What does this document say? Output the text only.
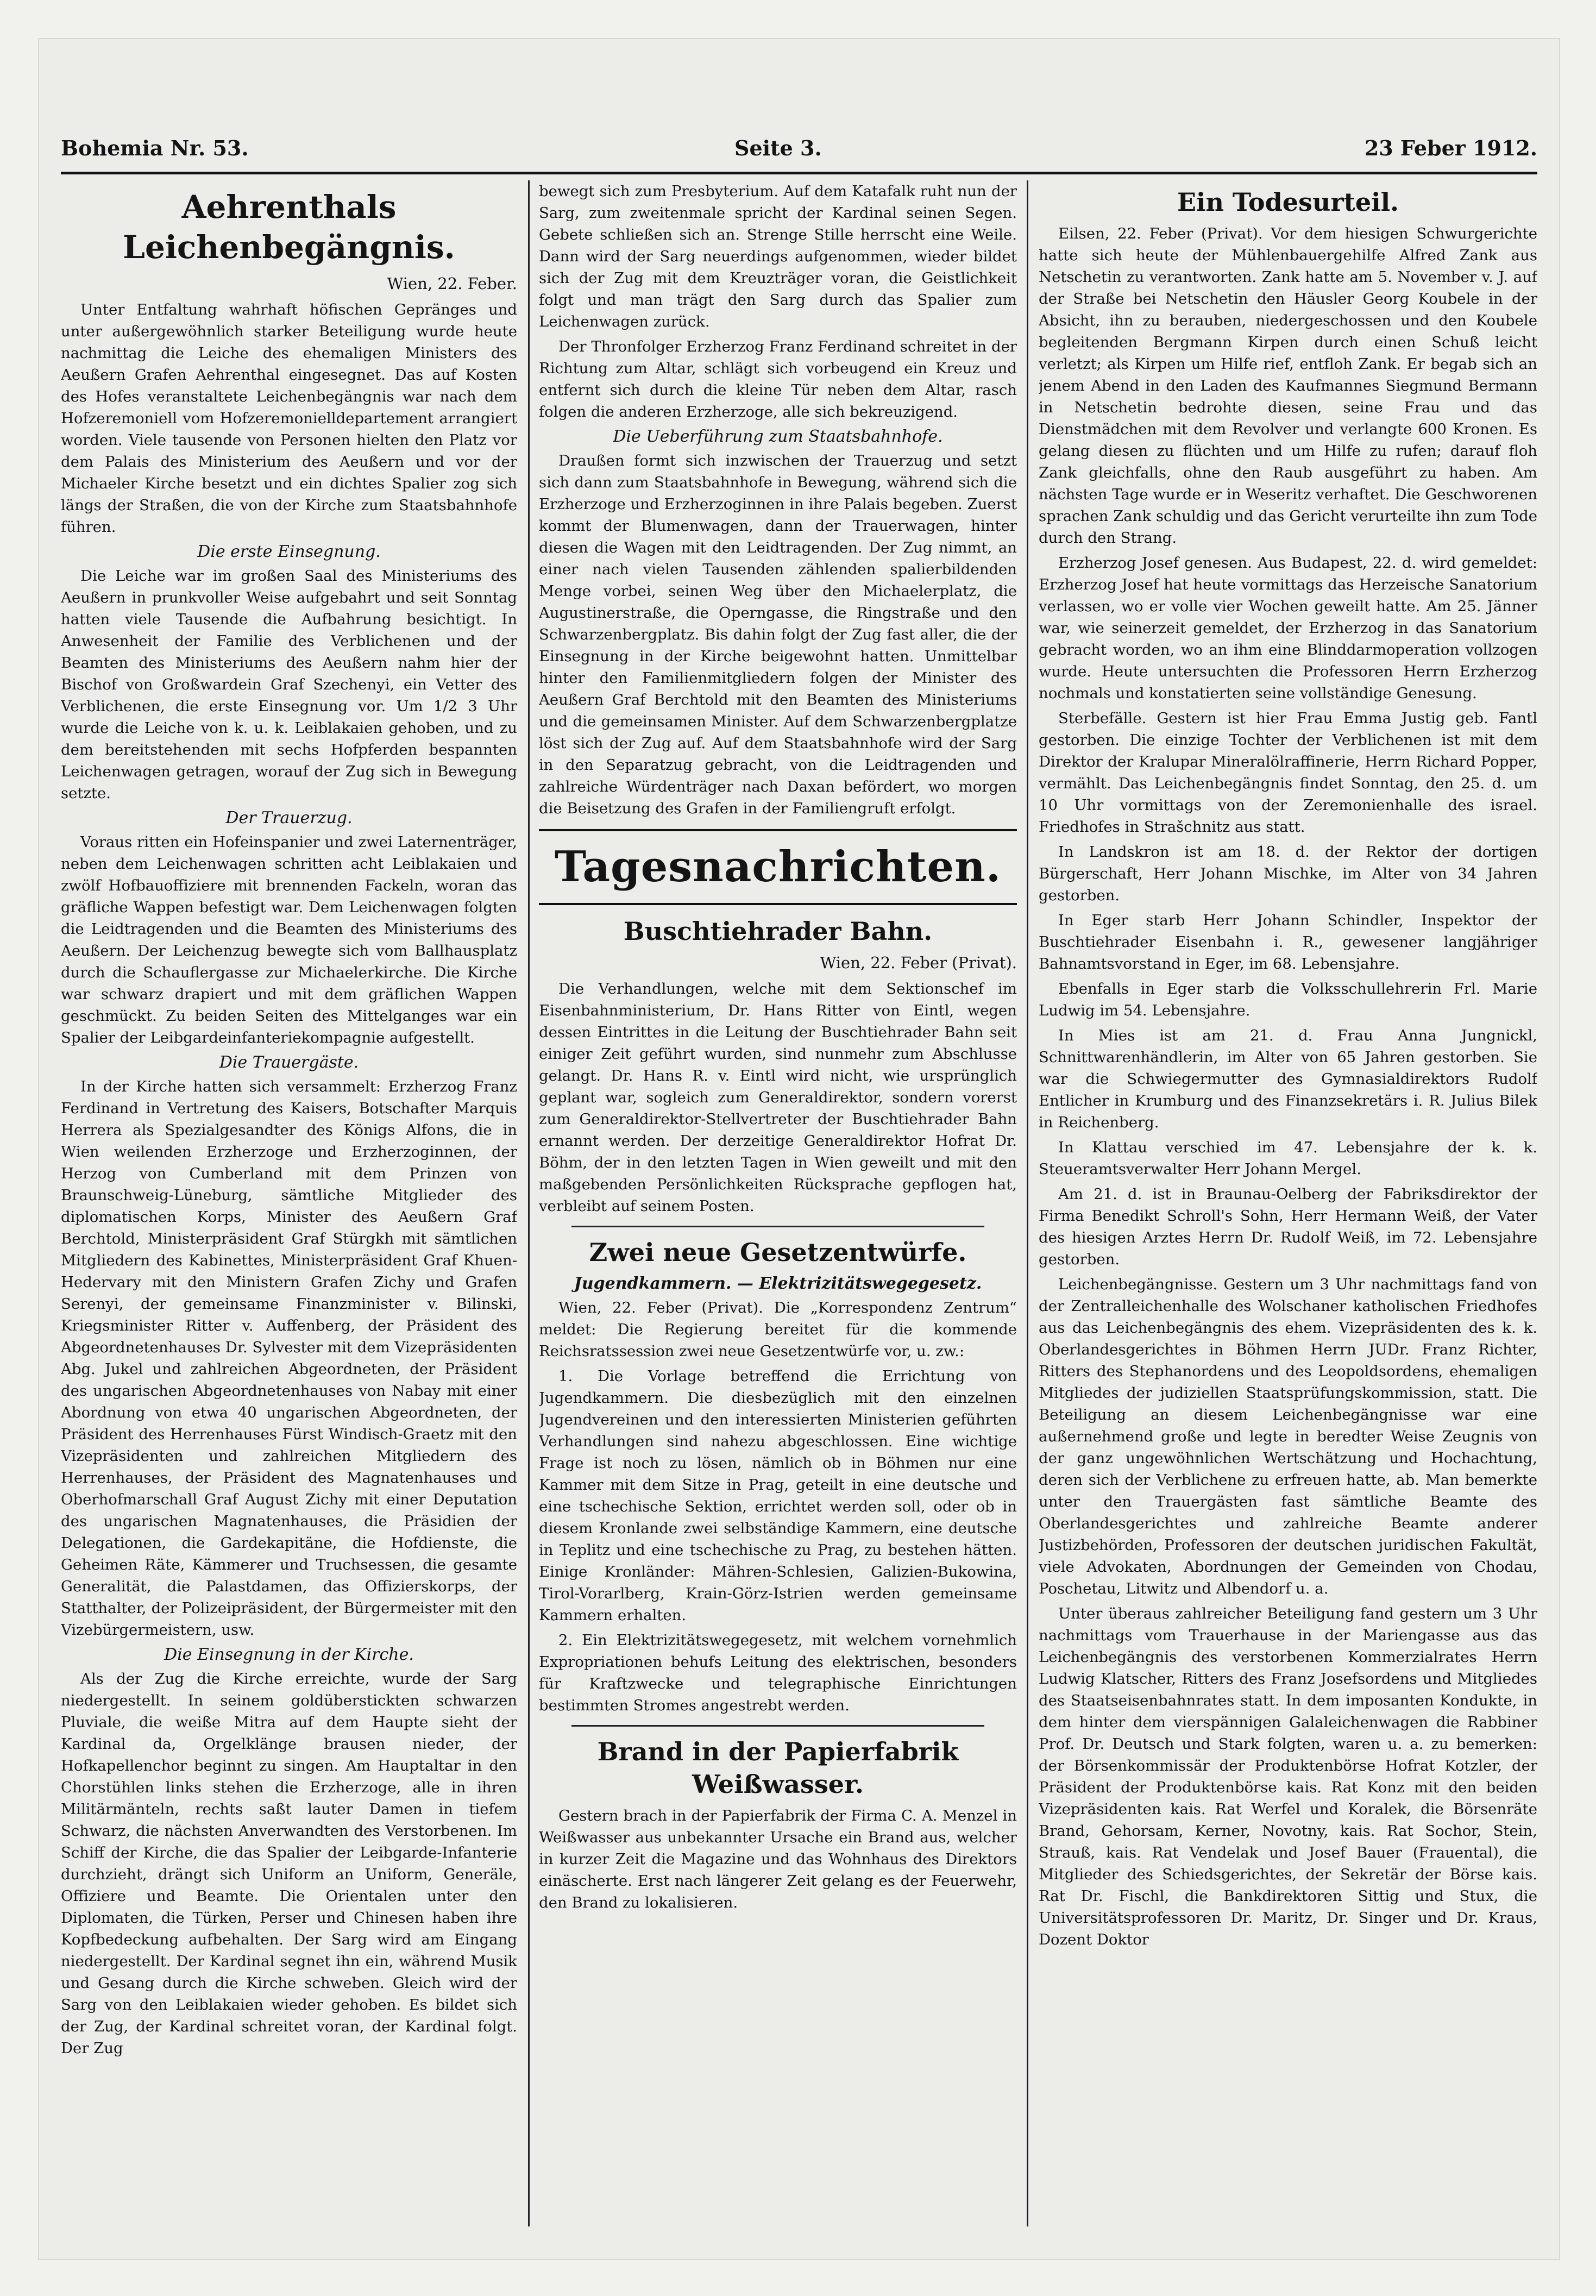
Bohemia Nr. 53.	Seite 3.	23 Feber 1912.
Aehrenthals Leichenbegängnis.
Wien, 22. Feber.

Unter Entfaltung wahrhaft höfischen Gepränges und unter außergewöhnlich starker Beteiligung wurde heute nachmittag die Leiche des ehemaligen Ministers des Aeußern Grafen Aehrenthal eingesegnet. Das auf Kosten des Hofes veranstaltete Leichenbegängnis war nach dem Hofzeremoniell vom Hofzeremonielldepartement arrangiert worden. Viele tausende von Personen hielten den Platz vor dem Palais des Ministerium des Aeußern und vor der Michaeler Kirche besetzt und ein dichtes Spalier zog sich längs der Straßen, die von der Kirche zum Staatsbahnhofe führen.

Die erste Einsegnung.

Die Leiche war im großen Saal des Ministeriums des Aeußern in prunkvoller Weise aufgebahrt und seit Sonntag hatten viele Tausende die Aufbahrung besichtigt. In Anwesenheit der Familie des Verblichenen und der Beamten des Ministeriums des Aeußern nahm hier der Bischof von Großwardein Graf Szechenyi, ein Vetter des Verblichenen, die erste Einsegnung vor. Um 1/2 3 Uhr wurde die Leiche von k. u. k. Leiblakaien gehoben, und zu dem bereitstehenden mit sechs Hofpferden bespannten Leichenwagen getragen, worauf der Zug sich in Bewegung setzte.

Der Trauerzug.

Voraus ritten ein Hofeinspanier und zwei Laternenträger, neben dem Leichenwagen schritten acht Leiblakaien und zwölf Hofbauoffiziere mit brennenden Fackeln, woran das gräfliche Wappen befestigt war. Dem Leichenwagen folgten die Leidtragenden und die Beamten des Ministeriums des Aeußern. Der Leichenzug bewegte sich vom Ballhausplatz durch die Schauflergasse zur Michaelerkirche. Die Kirche war schwarz drapiert und mit dem gräflichen Wappen geschmückt. Zu beiden Seiten des Mittelganges war ein Spalier der Leibgardeinfanteriekompagnie aufgestellt.

Die Trauergäste.

In der Kirche hatten sich versammelt: Erzherzog Franz Ferdinand in Vertretung des Kaisers, Botschafter Marquis Herrera als Spezialgesandter des Königs Alfons, die in Wien weilenden Erzherzoge und Erzherzoginnen, der Herzog von Cumberland mit dem Prinzen von Braunschweig-Lüneburg, sämtliche Mitglieder des diplomatischen Korps, Minister des Aeußern Graf Berchtold, Ministerpräsident Graf Stürgkh mit sämtlichen Mitgliedern des Kabinettes, Ministerpräsident Graf Khuen-Hedervary mit den Ministern Grafen Zichy und Grafen Serenyi, der gemeinsame Finanzminister v. Bilinski, Kriegsminister Ritter v. Auffenberg, der Präsident des Abgeordnetenhauses Dr. Sylvester mit dem Vizepräsidenten Abg. Jukel und zahlreichen Abgeordneten, der Präsident des ungarischen Abgeordnetenhauses von Nabay mit einer Abordnung von etwa 40 ungarischen Abgeordneten, der Präsident des Herrenhauses Fürst Windisch-Graetz mit den Vizepräsidenten und zahlreichen Mitgliedern des Herrenhauses, der Präsident des Magnatenhauses und Oberhofmarschall Graf August Zichy mit einer Deputation des ungarischen Magnatenhauses, die Präsidien der Delegationen, die Gardekapitäne, die Hofdienste, die Geheimen Räte, Kämmerer und Truchsessen, die gesamte Generalität, die Palastdamen, das Offizierskorps, der Statthalter, der Polizeipräsident, der Bürgermeister mit den Vizebürgermeistern, usw.

Die Einsegnung in der Kirche.

Als der Zug die Kirche erreichte, wurde der Sarg niedergestellt. In seinem goldüberstickten schwarzen Pluviale, die weiße Mitra auf dem Haupte sieht der Kardinal da, Orgelklänge brausen nieder, der Hofkapellenchor beginnt zu singen. Am Hauptaltar in den Chorstühlen links stehen die Erzherzoge, alle in ihren Militärmänteln, rechts saßt lauter Damen in tiefem Schwarz, die nächsten Anverwandten des Verstorbenen. Im Schiff der Kirche, die das Spalier der Leibgarde-Infanterie durchzieht, drängt sich Uniform an Uniform, Generäle, Offiziere und Beamte. Die Orientalen unter den Diplomaten, die Türken, Perser und Chinesen haben ihre Kopfbedeckung aufbehalten. Der Sarg wird am Eingang niedergestellt. Der Kardinal segnet ihn ein, während Musik und Gesang durch die Kirche schweben. Gleich wird der Sarg von den Leiblakaien wieder gehoben. Es bildet sich der Zug, der Kardinal schreitet voran, der Kardinal folgt. Der Zug

bewegt sich zum Presbyterium. Auf dem Katafalk ruht nun der Sarg, zum zweitenmale spricht der Kardinal seinen Segen. Gebete schließen sich an. Strenge Stille herrscht eine Weile. Dann wird der Sarg neuerdings aufgenommen, wieder bildet sich der Zug mit dem Kreuzträger voran, die Geistlichkeit folgt und man trägt den Sarg durch das Spalier zum Leichenwagen zurück.

Der Thronfolger Erzherzog Franz Ferdinand schreitet in der Richtung zum Altar, schlägt sich vorbeugend ein Kreuz und entfernt sich durch die kleine Tür neben dem Altar, rasch folgen die anderen Erzherzoge, alle sich bekreuzigend.

Die Ueberführung zum Staatsbahnhofe.

Draußen formt sich inzwischen der Trauerzug und setzt sich dann zum Staatsbahnhofe in Bewegung, während sich die Erzherzoge und Erzherzoginnen in ihre Palais begeben. Zuerst kommt der Blumenwagen, dann der Trauerwagen, hinter diesen die Wagen mit den Leidtragenden. Der Zug nimmt, an einer nach vielen Tausenden zählenden spalierbildenden Menge vorbei, seinen Weg über den Michaelerplatz, die Augustinerstraße, die Operngasse, die Ringstraße und den Schwarzenbergplatz. Bis dahin folgt der Zug fast aller, die der Einsegnung in der Kirche beigewohnt hatten. Unmittelbar hinter den Familienmitgliedern folgen der Minister des Aeußern Graf Berchtold mit den Beamten des Ministeriums und die gemeinsamen Minister. Auf dem Schwarzenbergplatze löst sich der Zug auf. Auf dem Staatsbahnhofe wird der Sarg in den Separatzug gebracht, von die Leidtragenden und zahlreiche Würdenträger nach Daxan befördert, wo morgen die Beisetzung des Grafen in der Familiengruft erfolgt.

Tagesnachrichten.
Buschtiehrader Bahn.
Wien, 22. Feber (Privat).

Die Verhandlungen, welche mit dem Sektionschef im Eisenbahnministerium, Dr. Hans Ritter von Eintl, wegen dessen Eintrittes in die Leitung der Buschtiehrader Bahn seit einiger Zeit geführt wurden, sind nunmehr zum Abschlusse gelangt. Dr. Hans R. v. Eintl wird nicht, wie ursprünglich geplant war, sogleich zum Generaldirektor, sondern vorerst zum Generaldirektor-Stellvertreter der Buschtiehrader Bahn ernannt werden. Der derzeitige Generaldirektor Hofrat Dr. Böhm, der in den letzten Tagen in Wien geweilt und mit den maßgebenden Persönlichkeiten Rücksprache gepflogen hat, verbleibt auf seinem Posten.

Zwei neue Gesetzentwürfe.
Jugendkammern. — Elektrizitätswegegesetz.

Wien, 22. Feber (Privat). Die „Korrespondenz Zentrum“ meldet: Die Regierung bereitet für die kommende Reichsratssession zwei neue Gesetzentwürfe vor, u. zw.:

1. Die Vorlage betreffend die Errichtung von Jugendkammern. Die diesbezüglich mit den einzelnen Jugendvereinen und den interessierten Ministerien geführten Verhandlungen sind nahezu abgeschlossen. Eine wichtige Frage ist noch zu lösen, nämlich ob in Böhmen nur eine Kammer mit dem Sitze in Prag, geteilt in eine deutsche und eine tschechische Sektion, errichtet werden soll, oder ob in diesem Kronlande zwei selbständige Kammern, eine deutsche in Teplitz und eine tschechische zu Prag, zu bestehen hätten. Einige Kronländer: Mähren-Schlesien, Galizien-Bukowina, Tirol-Vorarlberg, Krain-Görz-Istrien werden gemeinsame Kammern erhalten.

2. Ein Elektrizitätswegegesetz, mit welchem vornehmlich Expropriationen behufs Leitung des elektrischen, besonders für Kraftzwecke und telegraphische Einrichtungen bestimmten Stromes angestrebt werden.

Brand in der Papierfabrik Weißwasser.

Gestern brach in der Papierfabrik der Firma C. A. Menzel in Weißwasser aus unbekannter Ursache ein Brand aus, welcher in kurzer Zeit die Magazine und das Wohnhaus des Direktors einäscherte. Erst nach längerer Zeit gelang es der Feuerwehr, den Brand zu lokalisieren.

Ein Todesurteil.

Eilsen, 22. Feber (Privat). Vor dem hiesigen Schwurgerichte hatte sich heute der Mühlenbauergehilfe Alfred Zank aus Netschetin zu verantworten. Zank hatte am 5. November v. J. auf der Straße bei Netschetin den Häusler Georg Koubele in der Absicht, ihn zu berauben, niedergeschossen und den Koubele begleitenden Bergmann Kirpen durch einen Schuß leicht verletzt; als Kirpen um Hilfe rief, entfloh Zank. Er begab sich an jenem Abend in den Laden des Kaufmannes Siegmund Bermann in Netschetin bedrohte diesen, seine Frau und das Dienstmädchen mit dem Revolver und verlangte 600 Kronen. Es gelang diesen zu flüchten und um Hilfe zu rufen; darauf floh Zank gleichfalls, ohne den Raub ausgeführt zu haben. Am nächsten Tage wurde er in Weseritz verhaftet. Die Geschworenen sprachen Zank schuldig und das Gericht verurteilte ihn zum Tode durch den Strang.

Erzherzog Josef genesen. Aus Budapest, 22. d. wird gemeldet: Erzherzog Josef hat heute vormittags das Herzeische Sanatorium verlassen, wo er volle vier Wochen geweilt hatte. Am 25. Jänner war, wie seinerzeit gemeldet, der Erzherzog in das Sanatorium gebracht worden, wo an ihm eine Blinddarmoperation vollzogen wurde. Heute untersuchten die Professoren Herrn Erzherzog nochmals und konstatierten seine vollständige Genesung.

Sterbefälle. Gestern ist hier Frau Emma Justig geb. Fantl gestorben. Die einzige Tochter der Verblichenen ist mit dem Direktor der Kralupar Mineralölraffinerie, Herrn Richard Popper, vermählt. Das Leichenbegängnis findet Sonntag, den 25. d. um 10 Uhr vormittags von der Zeremonienhalle des israel. Friedhofes in Strašchnitz aus statt.

In Landskron ist am 18. d. der Rektor der dortigen Bürgerschaft, Herr Johann Mischke, im Alter von 34 Jahren gestorben.

In Eger starb Herr Johann Schindler, Inspektor der Buschtiehrader Eisenbahn i. R., gewesener langjähriger Bahnamtsvorstand in Eger, im 68. Lebensjahre.

Ebenfalls in Eger starb die Volksschullehrerin Frl. Marie Ludwig im 54. Lebensjahre.

In Mies ist am 21. d. Frau Anna Jungnickl, Schnittwarenhändlerin, im Alter von 65 Jahren gestorben. Sie war die Schwiegermutter des Gymnasialdirektors Rudolf Entlicher in Krumburg und des Finanzsekretärs i. R. Julius Bilek in Reichenberg.

In Klattau verschied im 47. Lebensjahre der k. k. Steueramtsverwalter Herr Johann Mergel.

Am 21. d. ist in Braunau-Oelberg der Fabriksdirektor der Firma Benedikt Schroll's Sohn, Herr Hermann Weiß, der Vater des hiesigen Arztes Herrn Dr. Rudolf Weiß, im 72. Lebensjahre gestorben.

Leichenbegängnisse. Gestern um 3 Uhr nachmittags fand von der Zentralleichenhalle des Wolschaner katholischen Friedhofes aus das Leichenbegängnis des ehem. Vizepräsidenten des k. k. Oberlandesgerichtes in Böhmen Herrn JUDr. Franz Richter, Ritters des Stephanordens und des Leopoldsordens, ehemaligen Mitgliedes der judiziellen Staatsprüfungskommission, statt. Die Beteiligung an diesem Leichenbegängnisse war eine außernehmend große und legte in beredter Weise Zeugnis von der ganz ungewöhnlichen Wertschätzung und Hochachtung, deren sich der Verblichene zu erfreuen hatte, ab. Man bemerkte unter den Trauergästen fast sämtliche Beamte des Oberlandesgerichtes und zahlreiche Beamte anderer Justizbehörden, Professoren der deutschen juridischen Fakultät, viele Advokaten, Abordnungen der Gemeinden von Chodau, Poschetau, Litwitz und Albendorf u. a.

Unter überaus zahlreicher Beteiligung fand gestern um 3 Uhr nachmittags vom Trauerhause in der Mariengasse aus das Leichenbegängnis des verstorbenen Kommerzialrates Herrn Ludwig Klatscher, Ritters des Franz Josefsordens und Mitgliedes des Staatseisenbahnrates statt. In dem imposanten Kondukte, in dem hinter dem vierspännigen Galaleichenwagen die Rabbiner Prof. Dr. Deutsch und Stark folgten, waren u. a. zu bemerken: der Börsenkommissär der Produktenbörse Hofrat Kotzler, der Präsident der Produktenbörse kais. Rat Konz mit den beiden Vizepräsidenten kais. Rat Werfel und Koralek, die Börsenräte Brand, Gehorsam, Kerner, Novotny, kais. Rat Sochor, Stein, Strauß, kais. Rat Vendelak und Josef Bauer (Frauental), die Mitglieder des Schiedsgerichtes, der Sekretär der Börse kais. Rat Dr. Fischl, die Bankdirektoren Sittig und Stux, die Universitätsprofessoren Dr. Maritz, Dr. Singer und Dr. Kraus, Dozent Doktor
